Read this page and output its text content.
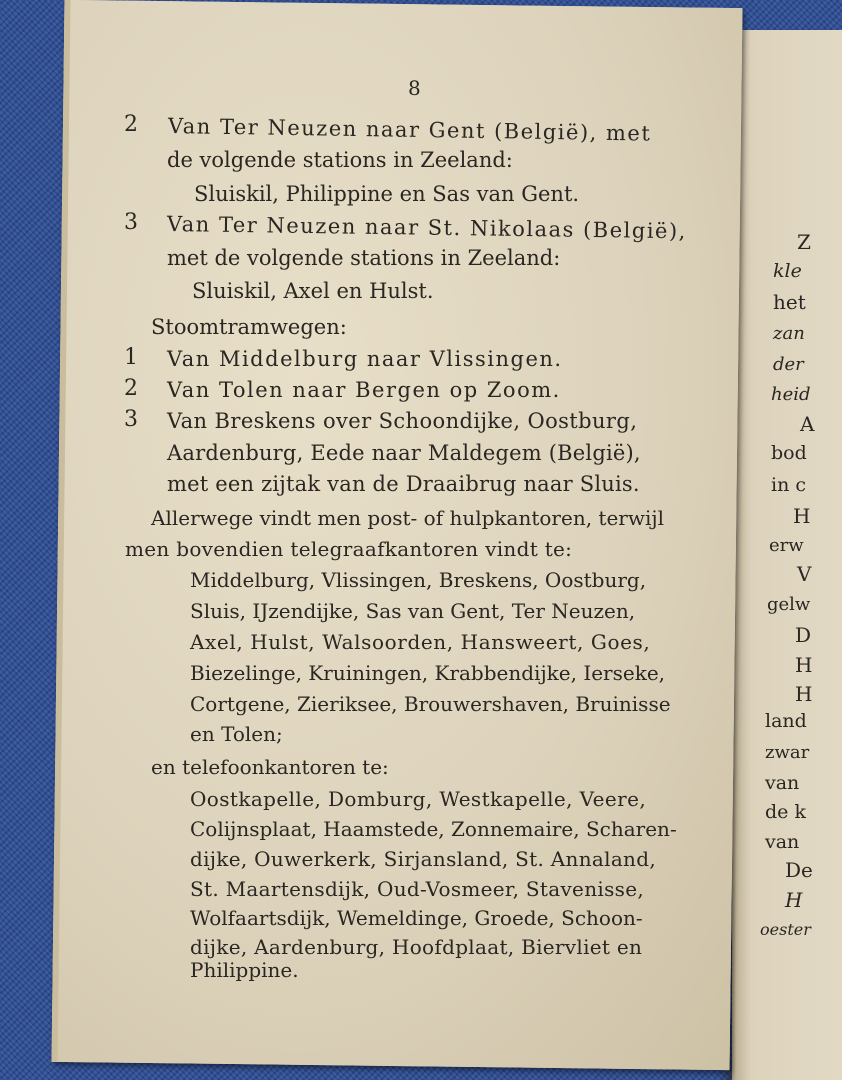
8
2 Van Ter Neuzen naar Gent (België), met
de volgende stations in Zeeland:
Sluiskil, Philippine en Sas van Gent.
3 Van Ter Neuzen naar St. Nikolaas (België),
met de volgende stations in Zeeland:
Sluiskil, Axel en Hulst.
Stoomtramwegen:
1 Van Middelburg naar Vlissingen.
2 Van Tolen naar Bergen op Zoom.
3 Van Breskens over Schoondijke, Oostburg,
Aardenburg, Eede naar Maldegem (België),
met een zijtak van de Draaibrug naar Sluis.
Allerwege vindt men post- of hulpkantoren, terwijl
men bovendien telegraafkantoren vindt te:
Middelburg, Vlissingen, Breskens, Oostburg,
Sluis, IJzendijke, Sas van Gent, Ter Neuzen,
Axel, Hulst, Walsoorden, Hansweert, Goes,
Biezelinge, Kruiningen, Krabbendijke, Ierseke,
Cortgene, Zieriksee, Brouwershaven, Bruinisse
en Tolen;
en telefoonkantoren te:
Oostkapelle, Domburg, Westkapelle, Veere,
Colijnsplaat, Haamstede, Zonnemaire, Scharen-
dijke, Ouwerkerk, Sirjansland, St. Annaland,
St. Maartensdijk, Oud-Vosmeer, Stavenisse,
Wolfaartsdijk, Wemeldinge, Groede, Schoon-
dijke, Aardenburg, Hoofdplaat, Biervliet en
Philippine.
Z
kle
het
zan
der
heid
A
bod
in c
H
erw
V
gelw
D
H
H
land
zwar
van
de k
van
De
H
oester
